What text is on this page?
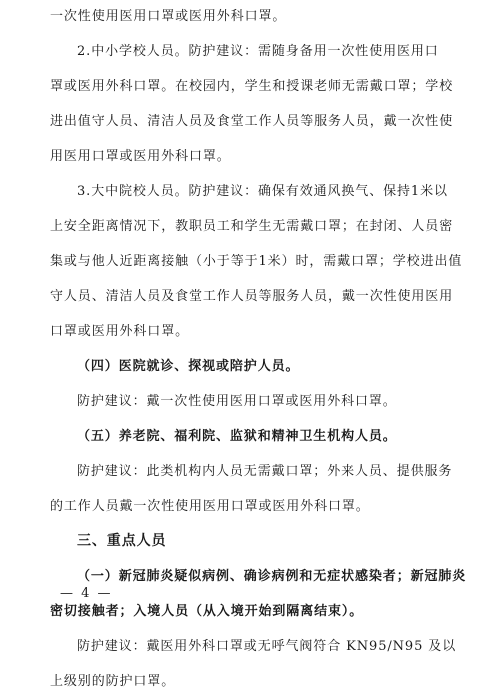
一次性使用医用口罩或医用外科口罩。
2.中小学校人员。防护建议：需随身备用一次性使用医用口
罩或医用外科口罩。在校园内，学生和授课老师无需戴口罩；学校
进出值守人员、清洁人员及食堂工作人员等服务人员，戴一次性使
用医用口罩或医用外科口罩。
3.大中院校人员。防护建议：确保有效通风换气、保持1米以
上安全距离情况下，教职员工和学生无需戴口罩；在封闭、人员密
集或与他人近距离接触（小于等于1米）时，需戴口罩；学校进出值
守人员、清洁人员及食堂工作人员等服务人员，戴一次性使用医用
口罩或医用外科口罩。
（四）医院就诊、探视或陪护人员。
防护建议：戴一次性使用医用口罩或医用外科口罩。
（五）养老院、福利院、监狱和精神卫生机构人员。
防护建议：此类机构内人员无需戴口罩；外来人员、提供服务
的工作人员戴一次性使用医用口罩或医用外科口罩。
三、重点人员
（一）新冠肺炎疑似病例、确诊病例和无症状感染者；新冠肺炎
密切接触者；入境人员（从入境开始到隔离结束）。
防护建议：戴医用外科口罩或无呼气阀符合 KN95/N95 及以
上级别的防护口罩。
— 4 —
